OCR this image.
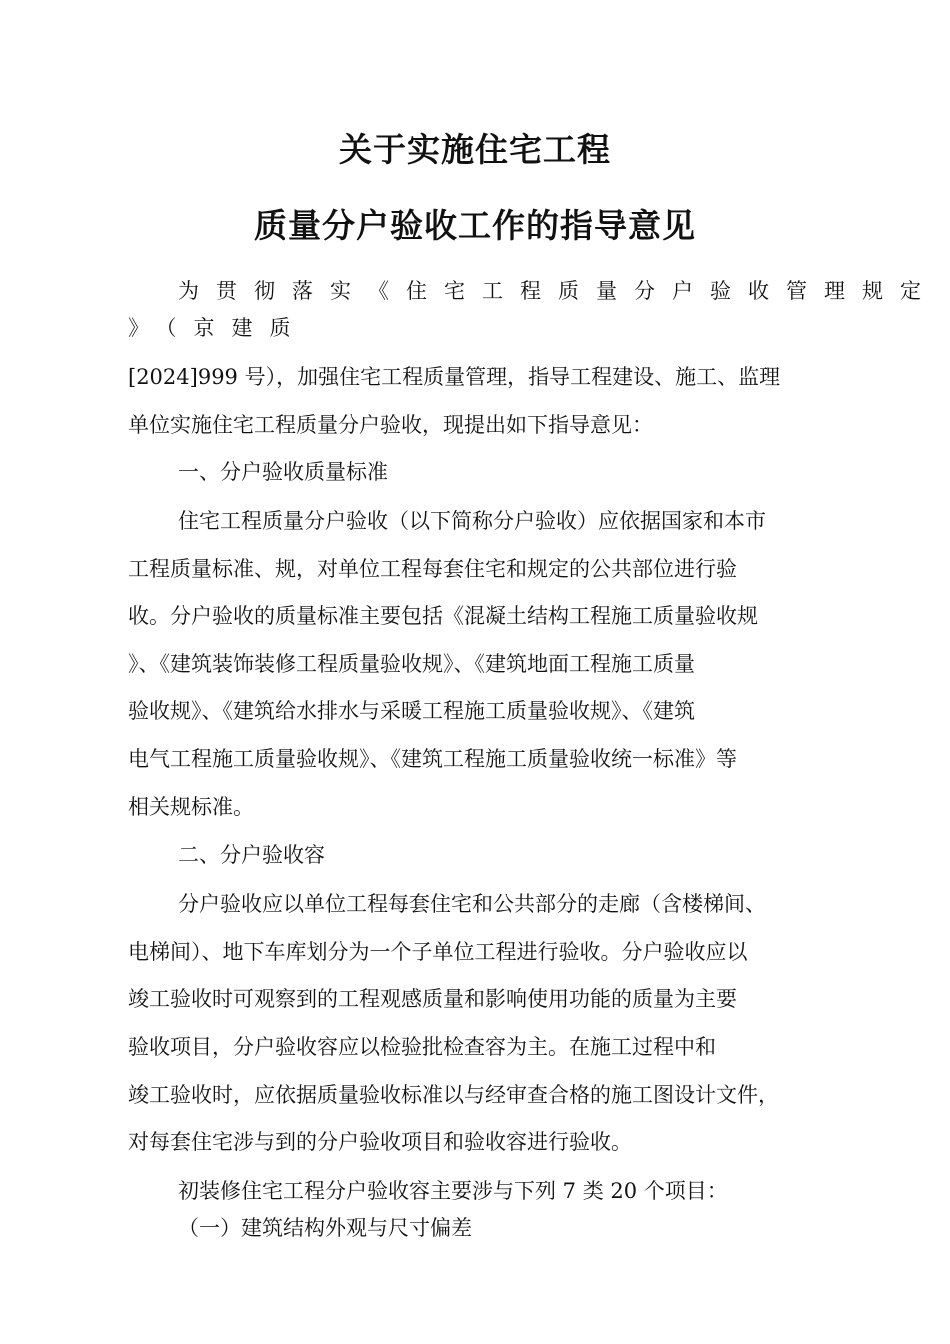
关于实施住宅工程
质量分户验收工作的指导意见
为贯彻落实《住宅工程质量分户验收管理规定
》（京建质
[2024]999 号），加强住宅工程质量管理，指导工程建设、施工、监理
单位实施住宅工程质量分户验收，现提出如下指导意见：
一、分户验收质量标准
住宅工程质量分户验收（以下简称分户验收）应依据国家和本市
工程质量标准、规，对单位工程每套住宅和规定的公共部位进行验
收。分户验收的质量标准主要包括《混凝土结构工程施工质量验收规
》、《建筑装饰装修工程质量验收规》、《建筑地面工程施工质量
验收规》、《建筑给水排水与采暖工程施工质量验收规》、《建筑
电气工程施工质量验收规》、《建筑工程施工质量验收统一标准》等
相关规标准。
二、分户验收容
分户验收应以单位工程每套住宅和公共部分的走廊（含楼梯间、
电梯间）、地下车库划分为一个子单位工程进行验收。分户验收应以
竣工验收时可观察到的工程观感质量和影响使用功能的质量为主要
验收项目，分户验收容应以检验批检查容为主。在施工过程中和
竣工验收时，应依据质量验收标准以与经审查合格的施工图设计文件，
对每套住宅涉与到的分户验收项目和验收容进行验收。
初装修住宅工程分户验收容主要涉与下列 7 类 20 个项目：
（一）建筑结构外观与尺寸偏差
